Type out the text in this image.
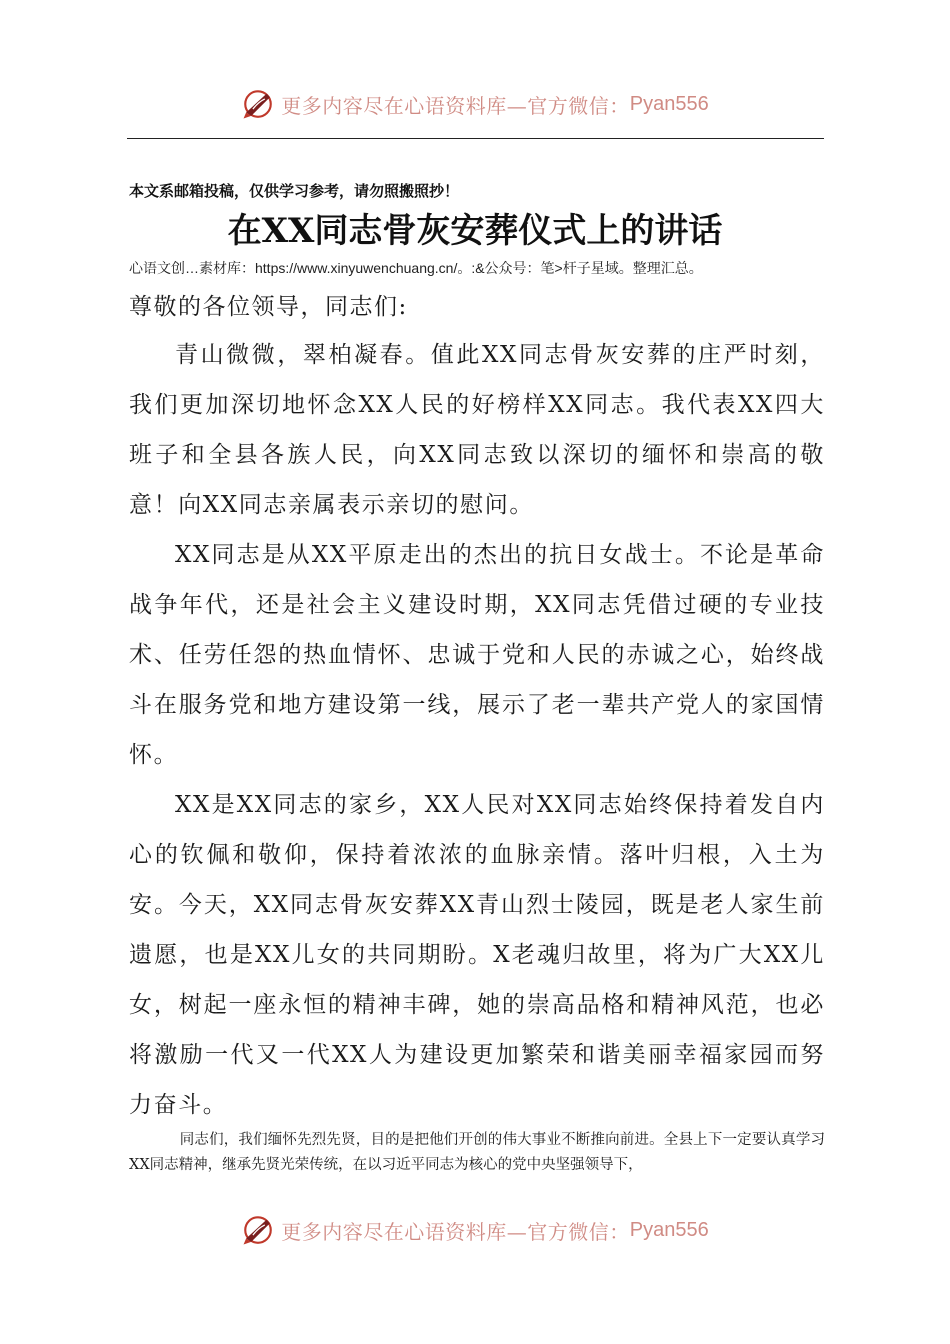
更多内容尽在心语资料库—官方微信： Pyan556
本文系邮箱投稿，仅供学习参考，请勿照搬照抄！
在XX同志骨灰安葬仪式上的讲话
心语文创…素材库：https://www.xinyuwenchuang.cn/。:&公众号：笔>杆子星域。整理汇总。
尊敬的各位领导，同志们:

青山微微，翠柏凝春。值此XX同志骨灰安葬的庄严时刻，我们更加深切地怀念XX人民的好榜样XX同志。我代表XX四大班子和全县各族人民，向XX同志致以深切的缅怀和崇高的敬意！向XX同志亲属表示亲切的慰问。

XX同志是从XX平原走出的杰出的抗日女战士。不论是革命战争年代，还是社会主义建设时期，XX同志凭借过硬的专业技术、任劳任怨的热血情怀、忠诚于党和人民的赤诚之心，始终战斗在服务党和地方建设第一线，展示了老一辈共产党人的家国情怀。

XX是XX同志的家乡，XX人民对XX同志始终保持着发自内心的钦佩和敬仰，保持着浓浓的血脉亲情。落叶归根，入土为安。今天，XX同志骨灰安葬XX青山烈士陵园，既是老人家生前遗愿，也是XX儿女的共同期盼。X老魂归故里，将为广大XX儿女，树起一座永恒的精神丰碑，她的崇高品格和精神风范，也必将激励一代又一代XX人为建设更加繁荣和谐美丽幸福家园而努力奋斗。

同志们，我们缅怀先烈先贤，目的是把他们开创的伟大事业不断推向前进。全县上下一定要认真学习XX同志精神，继承先贤光荣传统，在以习近平同志为核心的党中央坚强领导下，

更多内容尽在心语资料库—官方微信： Pyan556
